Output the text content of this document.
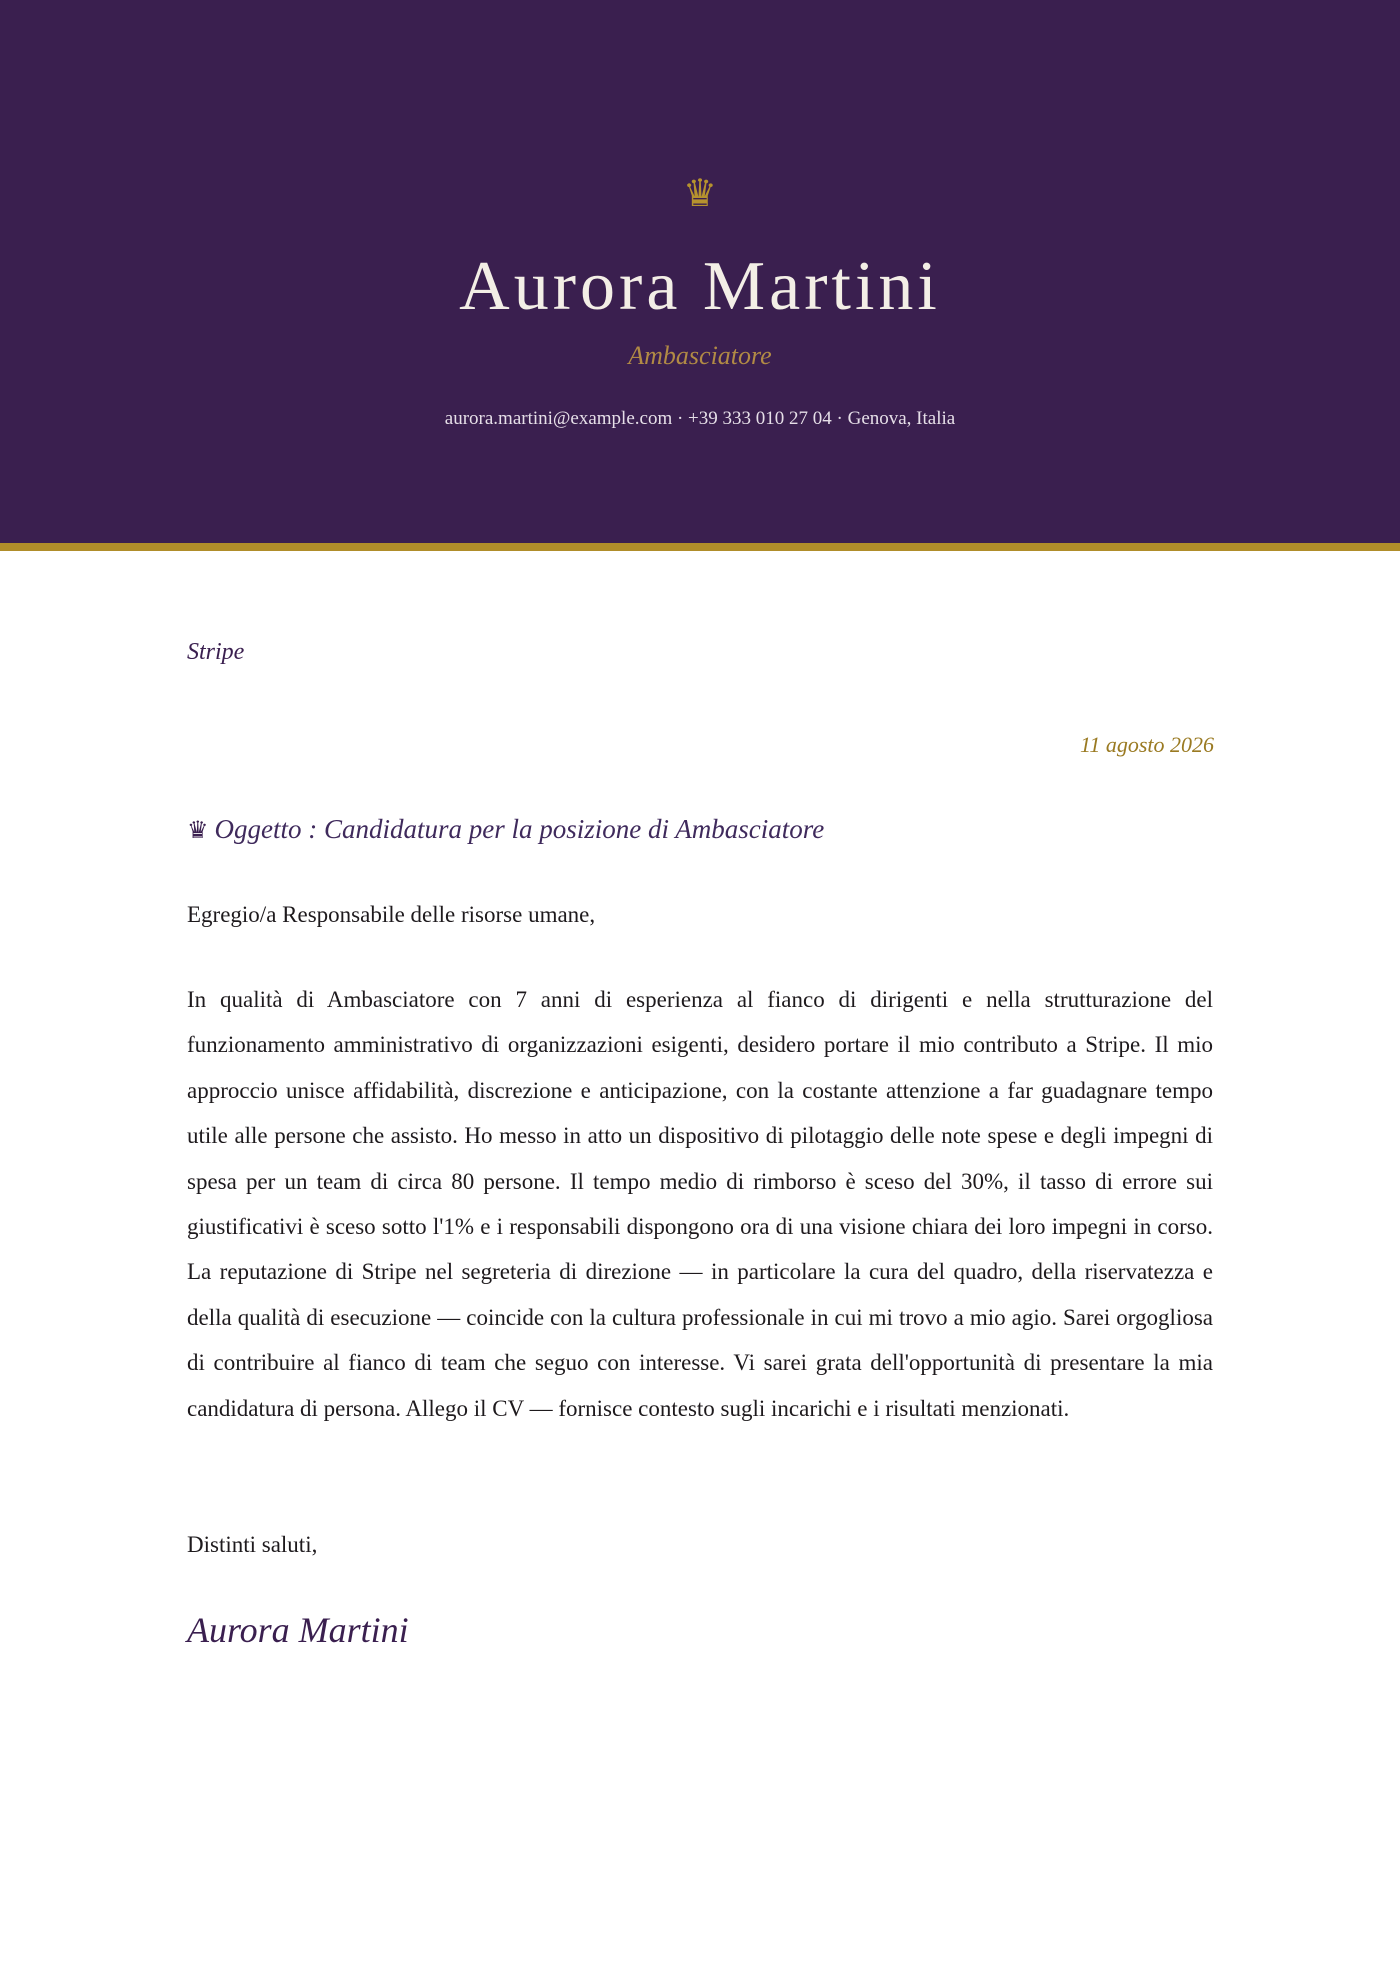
♛
Aurora Martini
Ambasciatore
aurora.martini@example.com · +39 333 010 27 04 · Genova, Italia
Stripe
11 agosto 2026
♛ Oggetto : Candidatura per la posizione di Ambasciatore
Egregio/a Responsabile delle risorse umane,

In qualità di Ambasciatore con 7 anni di esperienza al fianco di dirigenti e nella strutturazione del funzionamento amministrativo di organizzazioni esigenti, desidero portare il mio contributo a Stripe. Il mio approccio unisce affidabilità, discrezione e anticipazione, con la costante attenzione a far guadagnare tempo utile alle persone che assisto. Ho messo in atto un dispositivo di pilotaggio delle note spese e degli impegni di spesa per un team di circa 80 persone. Il tempo medio di rimborso è sceso del 30%, il tasso di errore sui giustificativi è sceso sotto l'1% e i responsabili dispongono ora di una visione chiara dei loro impegni in corso. La reputazione di Stripe nel segreteria di direzione — in particolare la cura del quadro, della riservatezza e della qualità di esecuzione — coincide con la cultura professionale in cui mi trovo a mio agio. Sarei orgogliosa di contribuire al fianco di team che seguo con interesse. Vi sarei grata dell'opportunità di presentare la mia candidatura di persona. Allego il CV — fornisce contesto sugli incarichi e i risultati menzionati.

Distinti saluti,
Aurora Martini
